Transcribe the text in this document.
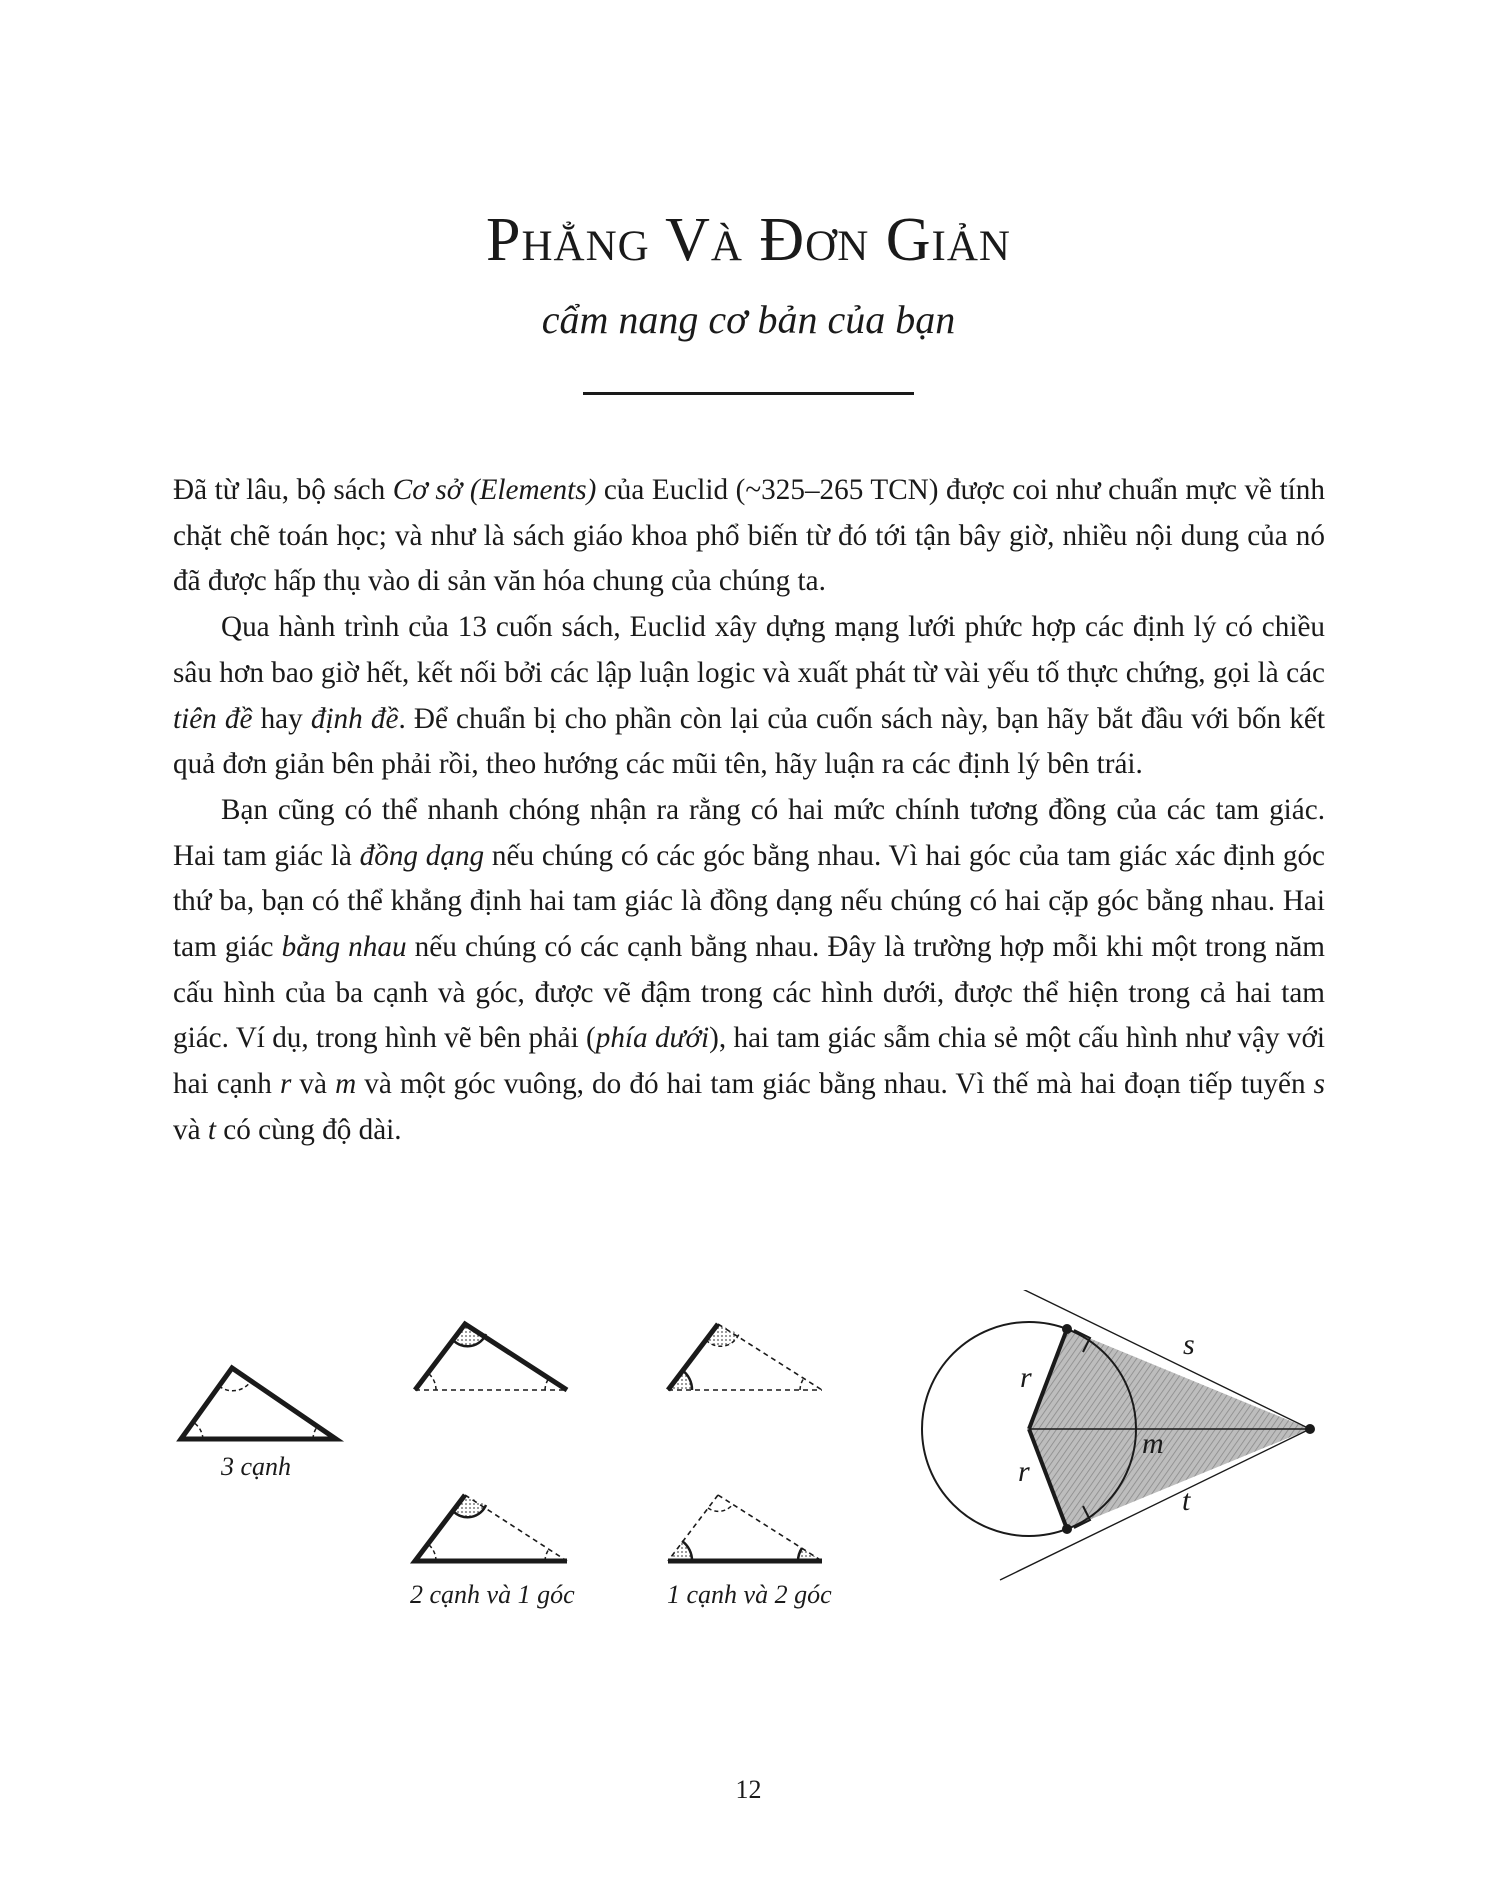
Phẳng Và Đơn Giản
cẩm nang cơ bản của bạn

Đã từ lâu, bộ sách Cơ sở (Elements) của Euclid (~325–265 TCN) được coi như chuẩn mực về tính chặt chẽ toán học; và như là sách giáo khoa phổ biến từ đó tới tận bây giờ, nhiều nội dung của nó đã được hấp thụ vào di sản văn hóa chung của chúng ta.

Qua hành trình của 13 cuốn sách, Euclid xây dựng mạng lưới phức hợp các định lý có chiều sâu hơn bao giờ hết, kết nối bởi các lập luận logic và xuất phát từ vài yếu tố thực chứng, gọi là các tiên đề hay định đề. Để chuẩn bị cho phần còn lại của cuốn sách này, bạn hãy bắt đầu với bốn kết quả đơn giản bên phải rồi, theo hướng các mũi tên, hãy luận ra các định lý bên trái.

Bạn cũng có thể nhanh chóng nhận ra rằng có hai mức chính tương đồng của các tam giác. Hai tam giác là đồng dạng nếu chúng có các góc bằng nhau. Vì hai góc của tam giác xác định góc thứ ba, bạn có thể khẳng định hai tam giác là đồng dạng nếu chúng có hai cặp góc bằng nhau. Hai tam giác bằng nhau nếu chúng có các cạnh bằng nhau. Đây là trường hợp mỗi khi một trong năm cấu hình của ba cạnh và góc, được vẽ đậm trong các hình dưới, được thể hiện trong cả hai tam giác. Ví dụ, trong hình vẽ bên phải (phía dưới), hai tam giác sẫm chia sẻ một cấu hình như vậy với hai cạnh r và m và một góc vuông, do đó hai tam giác bằng nhau. Vì thế mà hai đoạn tiếp tuyến s và t có cùng độ dài.

r
r
s
m
t
3 cạnh
2 cạnh và 1 góc	1 cạnh và 2 góc
12
